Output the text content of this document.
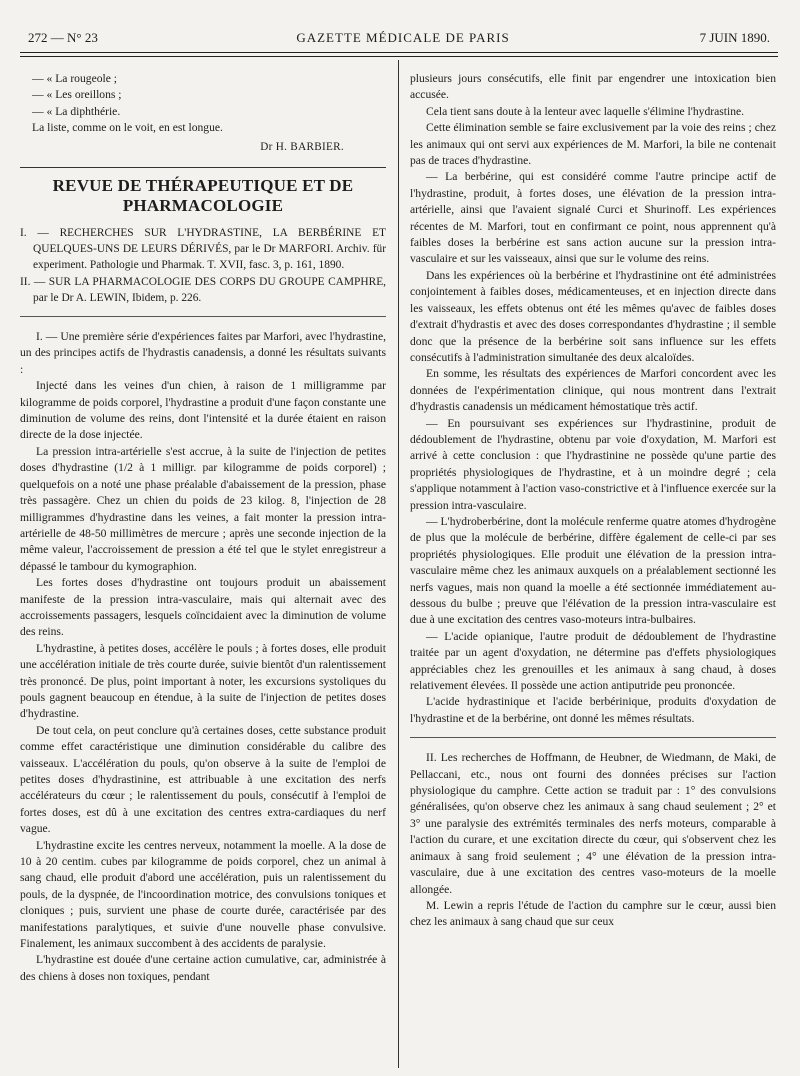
272 — N° 23	GAZETTE MÉDICALE DE PARIS	7 JUIN 1890.

— « La rougeole ;

— « Les oreillons ;

— « La diphthérie.

La liste, comme on le voit, en est longue.

Dr H. BARBIER.
REVUE DE THÉRAPEUTIQUE ET DE PHARMACOLOGIE

I. — RECHERCHES SUR L'HYDRASTINE, LA BERBÉRINE ET QUELQUES-UNS DE LEURS DÉRIVÉS, par le Dr MARFORI. Archiv. für experiment. Pathologie und Pharmak. T. XVII, fasc. 3, p. 161, 1890.

II. — SUR LA PHARMACOLOGIE DES CORPS DU GROUPE CAMPHRE, par le Dr A. LEWIN, Ibidem, p. 226.

I. — Une première série d'expériences faites par Marfori, avec l'hydrastine, un des principes actifs de l'hydrastis canadensis, a donné les résultats suivants :

Injecté dans les veines d'un chien, à raison de 1 milligramme par kilogramme de poids corporel, l'hydrastine a produit d'une façon constante une diminution de volume des reins, dont l'intensité et la durée étaient en raison directe de la dose injectée.

La pression intra-artérielle s'est accrue, à la suite de l'injection de petites doses d'hydrastine (1/2 à 1 milligr. par kilogramme de poids corporel) ; quelquefois on a noté une phase préalable d'abaissement de la pression, phase très passagère. Chez un chien du poids de 23 kilog. 8, l'injection de 28 milligrammes d'hydrastine dans les veines, a fait monter la pression intra-artérielle de 48-50 millimètres de mercure ; après une seconde injection de la même valeur, l'accroissement de pression a été tel que le stylet enregistreur a dépassé le tambour du kymographion.

Les fortes doses d'hydrastine ont toujours produit un abaissement manifeste de la pression intra-vasculaire, mais qui alternait avec des accroissements passagers, lesquels coïncidaient avec la diminution de volume des reins.

L'hydrastine, à petites doses, accélère le pouls ; à fortes doses, elle produit une accélération initiale de très courte durée, suivie bientôt d'un ralentissement très prononcé. De plus, point important à noter, les excursions systoliques du pouls gagnent beaucoup en étendue, à la suite de l'injection de petites doses d'hydrastine.

De tout cela, on peut conclure qu'à certaines doses, cette substance produit comme effet caractéristique une diminution considérable du calibre des vaisseaux. L'accélération du pouls, qu'on observe à la suite de l'emploi de petites doses d'hydrastinine, est attribuable à une excitation des nerfs accélérateurs du cœur ; le ralentissement du pouls, consécutif à l'emploi de fortes doses, est dû à une excitation des centres extra-cardiaques du nerf vague.

L'hydrastine excite les centres nerveux, notamment la moelle. A la dose de 10 à 20 centim. cubes par kilogramme de poids corporel, chez un animal à sang chaud, elle produit d'abord une accélération, puis un ralentissement du pouls, de la dyspnée, de l'incoordination motrice, des convulsions toniques et cloniques ; puis, survient une phase de courte durée, caractérisée par des manifestations paralytiques, et suivie d'une nouvelle phase convulsive. Finalement, les animaux succombent à des accidents de paralysie.

L'hydrastine est douée d'une certaine action cumulative, car, administrée à des chiens à doses non toxiques, pendant

plusieurs jours consécutifs, elle finit par engendrer une intoxication bien accusée.

Cela tient sans doute à la lenteur avec laquelle s'élimine l'hydrastine.

Cette élimination semble se faire exclusivement par la voie des reins ; chez les animaux qui ont servi aux expériences de M. Marfori, la bile ne contenait pas de traces d'hydrastine.

— La berbérine, qui est considéré comme l'autre principe actif de l'hydrastine, produit, à fortes doses, une élévation de la pression intra-artérielle, ainsi que l'avaient signalé Curci et Shurinoff. Les expériences récentes de M. Marfori, tout en confirmant ce point, nous apprennent qu'à faibles doses la berbérine est sans action aucune sur la pression intra-vasculaire et sur les vaisseaux, ainsi que sur le volume des reins.

Dans les expériences où la berbérine et l'hydrastinine ont été administrées conjointement à faibles doses, médicamenteuses, et en injection directe dans les vaisseaux, les effets obtenus ont été les mêmes qu'avec de faibles doses d'extrait d'hydrastis et avec des doses correspondantes d'hydrastine ; il semble donc que la présence de la berbérine soit sans influence sur les effets consécutifs à l'administration simultanée des deux alcaloïdes.

En somme, les résultats des expériences de Marfori concordent avec les données de l'expérimentation clinique, qui nous montrent dans l'extrait d'hydrastis canadensis un médicament hémostatique très actif.

— En poursuivant ses expériences sur l'hydrastinine, produit de dédoublement de l'hydrastine, obtenu par voie d'oxydation, M. Marfori est arrivé à cette conclusion : que l'hydrastinine ne possède qu'une partie des propriétés physiologiques de l'hydrastine, et à un moindre degré ; cela s'applique notamment à l'action vaso-constrictive et à l'influence exercée sur la pression intra-vasculaire.

— L'hydroberbérine, dont la molécule renferme quatre atomes d'hydrogène de plus que la molécule de berbérine, diffère également de celle-ci par ses propriétés physiologiques. Elle produit une élévation de la pression intra-vasculaire même chez les animaux auxquels on a préalablement sectionné les nerfs vagues, mais non quand la moelle a été sectionnée immédiatement au-dessous du bulbe ; preuve que l'élévation de la pression intra-vasculaire est due à une excitation des centres vaso-moteurs intra-bulbaires.

— L'acide opianique, l'autre produit de dédoublement de l'hydrastine traitée par un agent d'oxydation, ne détermine pas d'effets physiologiques appréciables chez les grenouilles et les animaux à sang chaud, à doses relativement élevées. Il possède une action antiputride peu prononcée.

L'acide hydrastinique et l'acide berbérinique, produits d'oxydation de l'hydrastine et de la berbérine, ont donné les mêmes résultats.

II. Les recherches de Hoffmann, de Heubner, de Wiedmann, de Maki, de Pellaccani, etc., nous ont fourni des données précises sur l'action physiologique du camphre. Cette action se traduit par : 1° des convulsions généralisées, qu'on observe chez les animaux à sang chaud seulement ; 2° et 3° une paralysie des extrémités terminales des nerfs moteurs, comparable à l'action du curare, et une excitation directe du cœur, qui s'observent chez les animaux à sang froid seulement ; 4° une élévation de la pression intra-vasculaire, due à une excitation des centres vaso-moteurs de la moelle allongée.

M. Lewin a repris l'étude de l'action du camphre sur le cœur, aussi bien chez les animaux à sang chaud que sur ceux
